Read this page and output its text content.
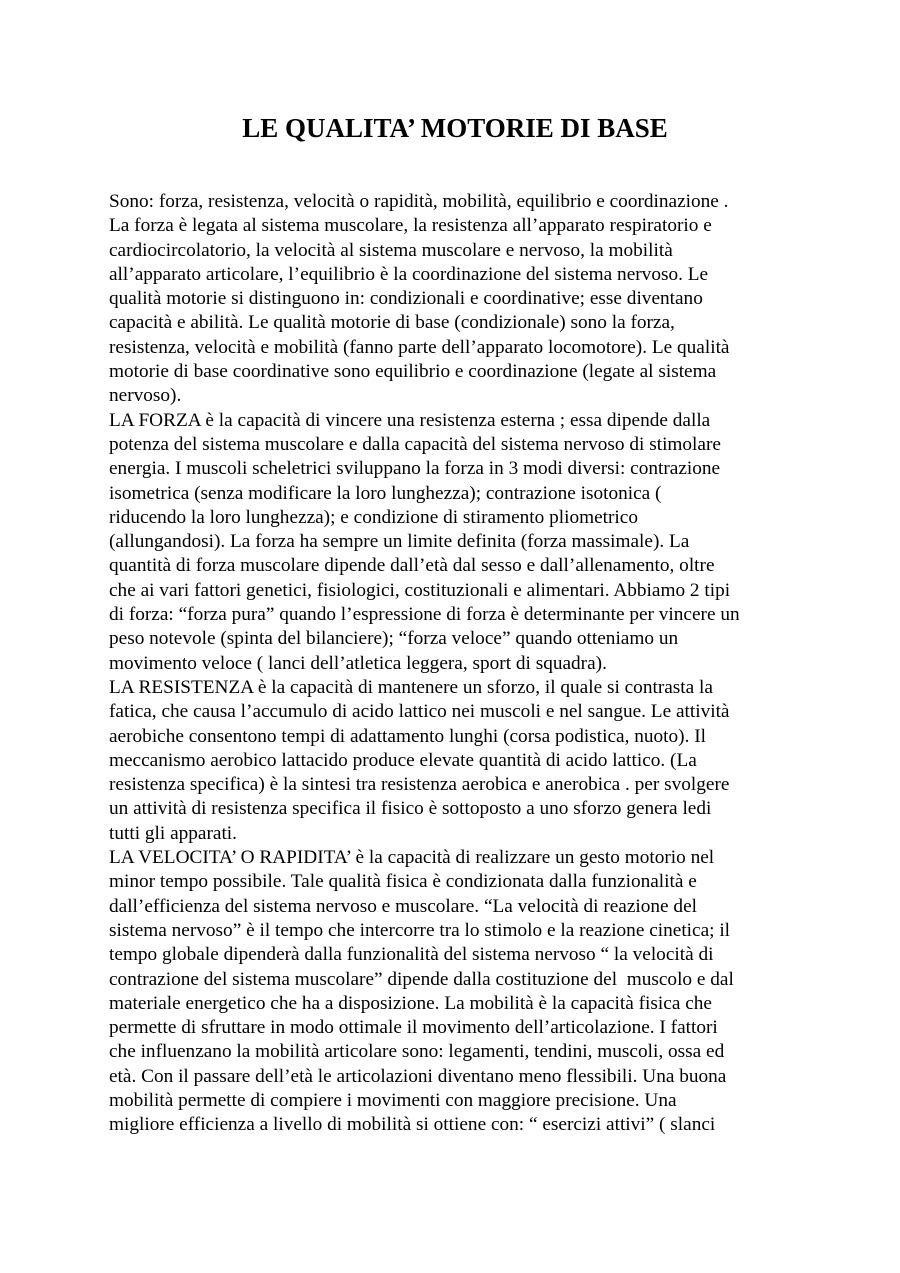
LE QUALITA’ MOTORIE DI BASE
Sono: forza, resistenza, velocità o rapidità, mobilità, equilibrio e coordinazione .
La forza è legata al sistema muscolare, la resistenza all’apparato respiratorio e
cardiocircolatorio, la velocità al sistema muscolare e nervoso, la mobilità
all’apparato articolare, l’equilibrio è la coordinazione del sistema nervoso. Le
qualità motorie si distinguono in: condizionali e coordinative; esse diventano
capacità e abilità. Le qualità motorie di base (condizionale) sono la forza,
resistenza, velocità e mobilità (fanno parte dell’apparato locomotore). Le qualità
motorie di base coordinative sono equilibrio e coordinazione (legate al sistema
nervoso).
LA FORZA è la capacità di vincere una resistenza esterna ; essa dipende dalla
potenza del sistema muscolare e dalla capacità del sistema nervoso di stimolare
energia. I muscoli scheletrici sviluppano la forza in 3 modi diversi: contrazione
isometrica (senza modificare la loro lunghezza); contrazione isotonica (
riducendo la loro lunghezza); e condizione di stiramento pliometrico
(allungandosi). La forza ha sempre un limite definita (forza massimale). La
quantità di forza muscolare dipende dall’età dal sesso e dall’allenamento, oltre
che ai vari fattori genetici, fisiologici, costituzionali e alimentari. Abbiamo 2 tipi
di forza: “forza pura” quando l’espressione di forza è determinante per vincere un
peso notevole (spinta del bilanciere); “forza veloce” quando otteniamo un
movimento veloce ( lanci dell’atletica leggera, sport di squadra).
LA RESISTENZA è la capacità di mantenere un sforzo, il quale si contrasta la
fatica, che causa l’accumulo di acido lattico nei muscoli e nel sangue. Le attività
aerobiche consentono tempi di adattamento lunghi (corsa podistica, nuoto). Il
meccanismo aerobico lattacido produce elevate quantità di acido lattico. (La
resistenza specifica) è la sintesi tra resistenza aerobica e anerobica . per svolgere
un attività di resistenza specifica il fisico è sottoposto a uno sforzo genera ledi
tutti gli apparati.
LA VELOCITA’ O RAPIDITA’ è la capacità di realizzare un gesto motorio nel
minor tempo possibile. Tale qualità fisica è condizionata dalla funzionalità e
dall’efficienza del sistema nervoso e muscolare. “La velocità di reazione del
sistema nervoso” è il tempo che intercorre tra lo stimolo e la reazione cinetica; il
tempo globale dipenderà dalla funzionalità del sistema nervoso “ la velocità di
contrazione del sistema muscolare” dipende dalla costituzione del  muscolo e dal
materiale energetico che ha a disposizione. La mobilità è la capacità fisica che
permette di sfruttare in modo ottimale il movimento dell’articolazione. I fattori
che influenzano la mobilità articolare sono: legamenti, tendini, muscoli, ossa ed
età. Con il passare dell’età le articolazioni diventano meno flessibili. Una buona
mobilità permette di compiere i movimenti con maggiore precisione. Una
migliore efficienza a livello di mobilità si ottiene con: “ esercizi attivi” ( slanci
